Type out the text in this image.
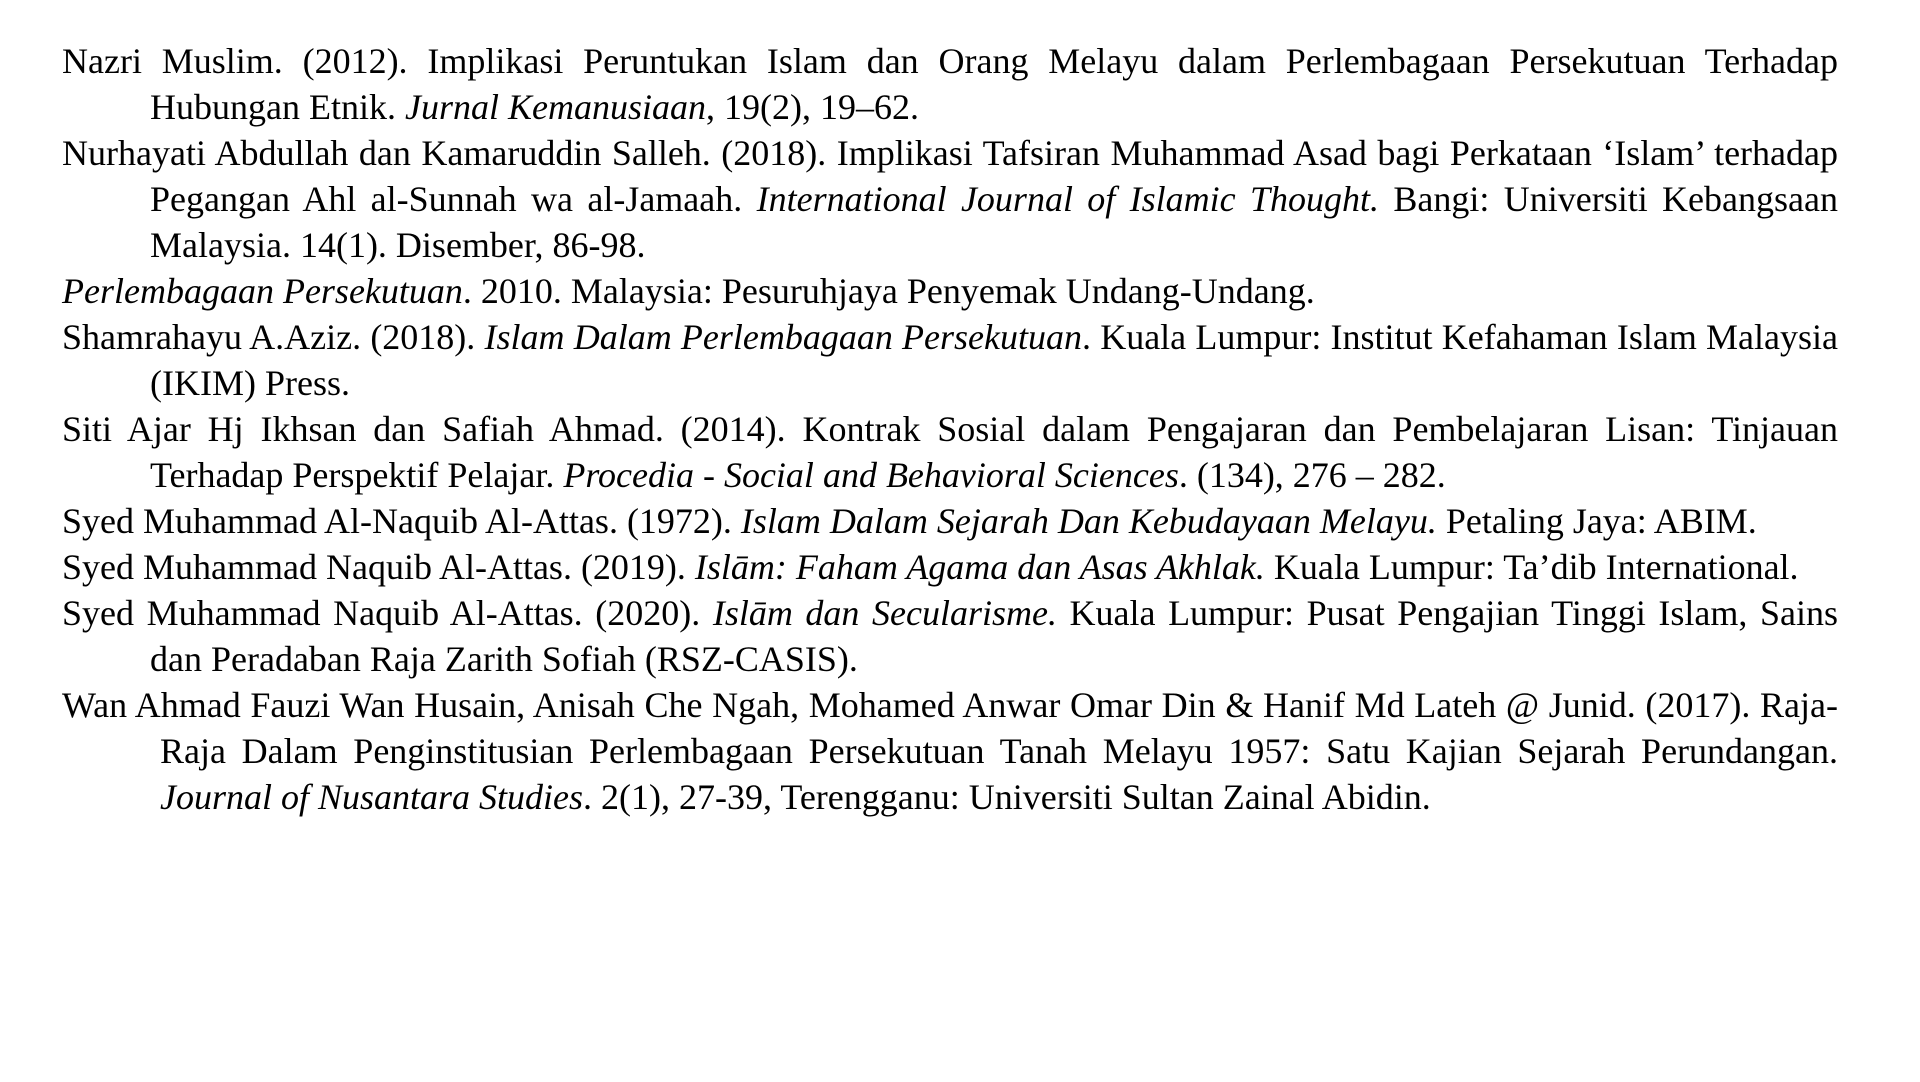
Nazri Muslim. (2012). Implikasi Peruntukan Islam dan Orang Melayu dalam Perlembagaan Persekutuan Terhadap Hubungan Etnik. Jurnal Kemanusiaan, 19(2), 19–62.

Nurhayati Abdullah dan Kamaruddin Salleh. (2018). Implikasi Tafsiran Muhammad Asad bagi Perkataan ‘Islam’ terhadap Pegangan Ahl al-Sunnah wa al-Jamaah. International Journal of Islamic Thought. Bangi: Universiti Kebangsaan Malaysia. 14(1). Disember, 86-98.

Perlembagaan Persekutuan. 2010. Malaysia: Pesuruhjaya Penyemak Undang-Undang.

Shamrahayu A.Aziz. (2018). Islam Dalam Perlembagaan Persekutuan. Kuala Lumpur: Institut Kefahaman Islam Malaysia (IKIM) Press.

Siti Ajar Hj Ikhsan dan Safiah Ahmad. (2014). Kontrak Sosial dalam Pengajaran dan Pembelajaran Lisan: Tinjauan Terhadap Perspektif Pelajar. Procedia - Social and Behavioral Sciences. (134), 276 – 282.

Syed Muhammad Al-Naquib Al-Attas. (1972). Islam Dalam Sejarah Dan Kebudayaan Melayu. Petaling Jaya: ABIM.

Syed Muhammad Naquib Al-Attas. (2019). Islām: Faham Agama dan Asas Akhlak. Kuala Lumpur: Ta’dib International.

Syed Muhammad Naquib Al-Attas. (2020). Islām dan Secularisme. Kuala Lumpur: Pusat Pengajian Tinggi Islam, Sains dan Peradaban Raja Zarith Sofiah (RSZ-CASIS).

Wan Ahmad Fauzi Wan Husain, Anisah Che Ngah, Mohamed Anwar Omar Din & Hanif Md Lateh @ Junid. (2017). Raja-Raja Dalam Penginstitusian Perlembagaan Persekutuan Tanah Melayu 1957: Satu Kajian Sejarah Perundangan. Journal of Nusantara Studies. 2(1), 27-39, Terengganu: Universiti Sultan Zainal Abidin.
